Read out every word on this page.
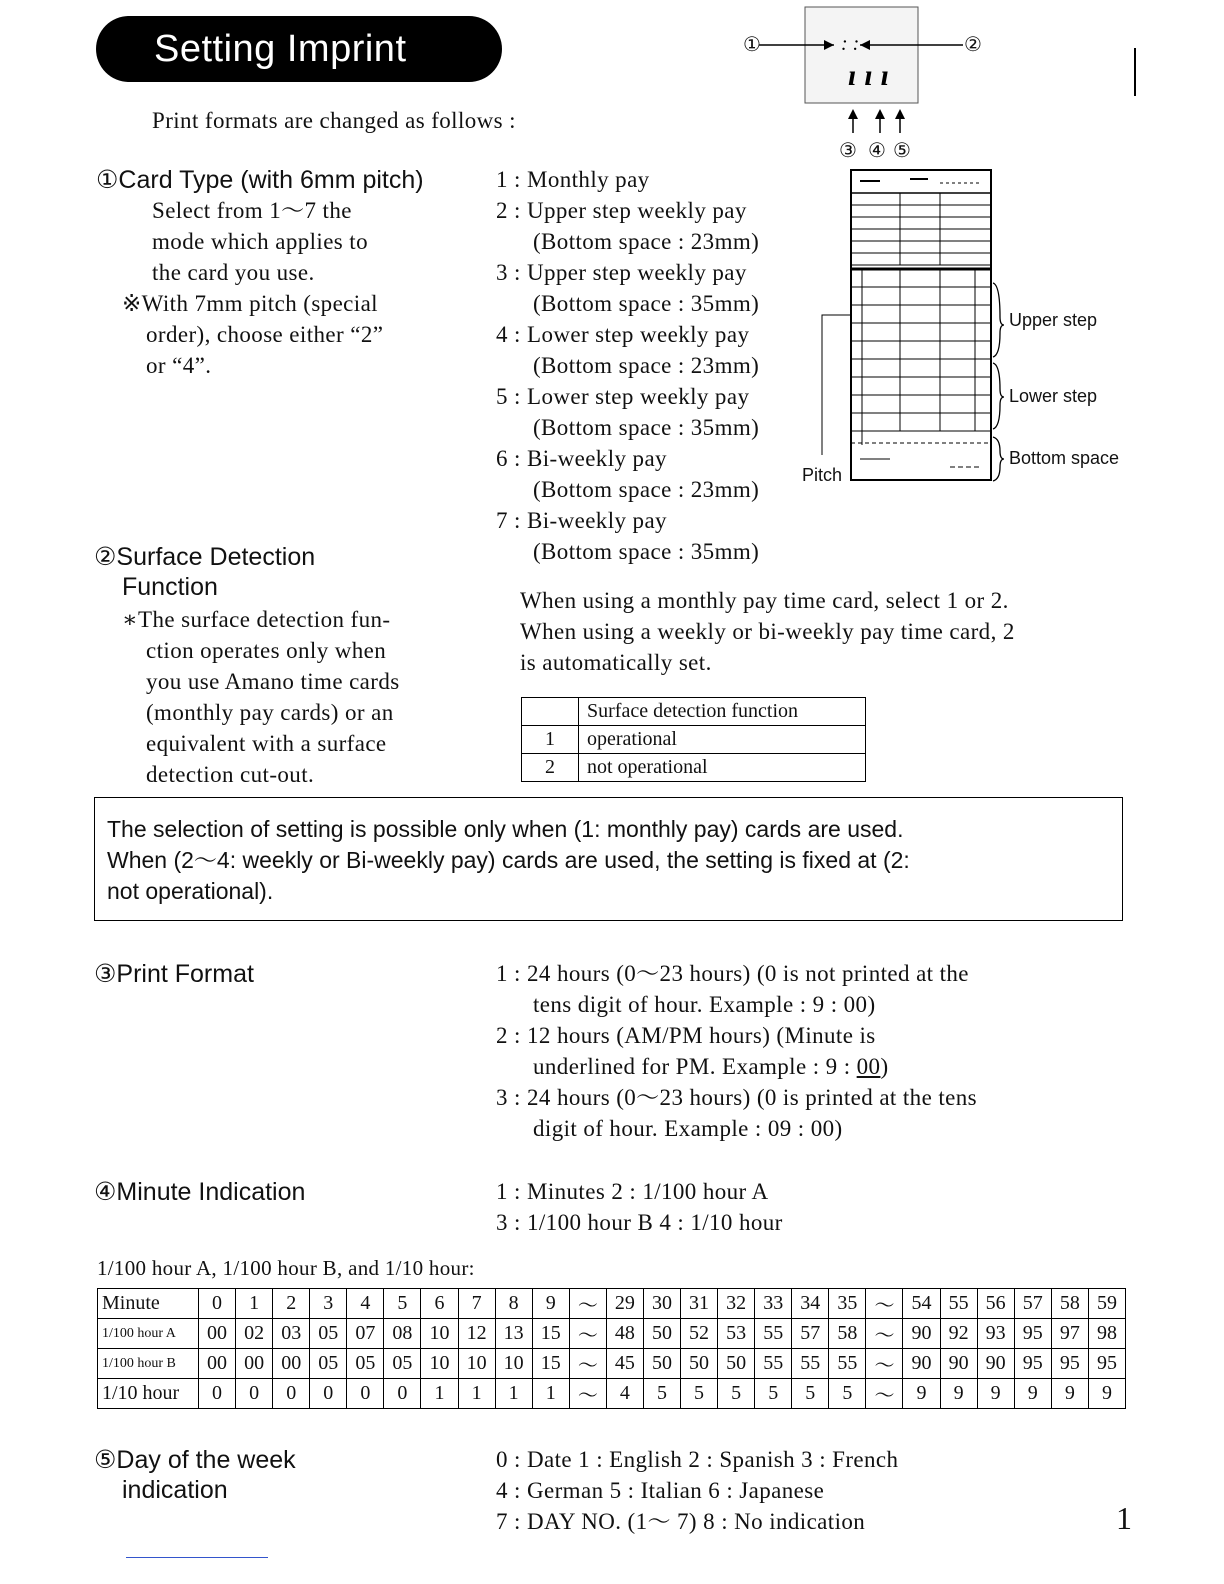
Setting Imprint
Print formats are changed as follows :
: :
ııı
①	②
③ ④ ⑤
Upper step
Lower step
Bottom space
Pitch
①Card Type (with 6mm pitch)
Select from 1～7 the
mode which applies to
the card you use.
※With 7mm pitch (special
order), choose either “2”
or “4”.
1 : Monthly pay
2 : Upper step weekly pay
(Bottom space : 23mm)
3 : Upper step weekly pay
(Bottom space : 35mm)
4 : Lower step weekly pay
(Bottom space : 23mm)
5 : Lower step weekly pay
(Bottom space : 35mm)
6 : Bi-weekly pay
(Bottom space : 23mm)
7 : Bi-weekly pay
(Bottom space : 35mm)
②Surface Detection
Function
∗The surface detection fun-
ction operates only when
you use Amano time cards
(monthly pay cards) or an
equivalent with a surface
detection cut-out.
When using a monthly pay time card, select 1 or 2.
When using a weekly or bi-weekly pay time card, 2
is automatically set.
	Surface detection function
1	operational
2	not operational
The selection of setting is possible only when (1: monthly pay) cards are used.
When (2～4: weekly or Bi-weekly pay) cards are used, the setting is fixed at (2:
not operational).
③Print Format	1 : 24 hours (0～23 hours) (0 is not printed at the
tens digit of hour. Example : 9 : 00)
2 : 12 hours (AM/PM hours) (Minute is
underlined for PM. Example : 9 : 00)
3 : 24 hours (0～23 hours) (0 is printed at the tens
digit of hour. Example : 09 : 00)
④Minute Indication	1 : Minutes 2 : 1/100 hour A
3 : 1/100 hour B 4 : 1/10 hour
1/100 hour A, 1/100 hour B, and 1/10 hour:
Minute	0	1	2	3	4	5	6	7	8	9	～	29	30	31	32	33	34	35	～	54	55	56	57	58	59
1/100 hour A	00	02	03	05	07	08	10	12	13	15	～	48	50	52	53	55	57	58	～	90	92	93	95	97	98
1/100 hour B	00	00	00	05	05	05	10	10	10	15	～	45	50	50	50	55	55	55	～	90	90	90	95	95	95
1/10 hour	0	0	0	0	0	0	1	1	1	1	～	4	5	5	5	5	5	5	～	9	9	9	9	9	9
⑤Day of the week
indication
0 : Date 1 : English 2 : Spanish 3 : French
4 : German 5 : Italian 6 : Japanese
7 : DAY NO. (1～ 7) 8 : No indication	1
